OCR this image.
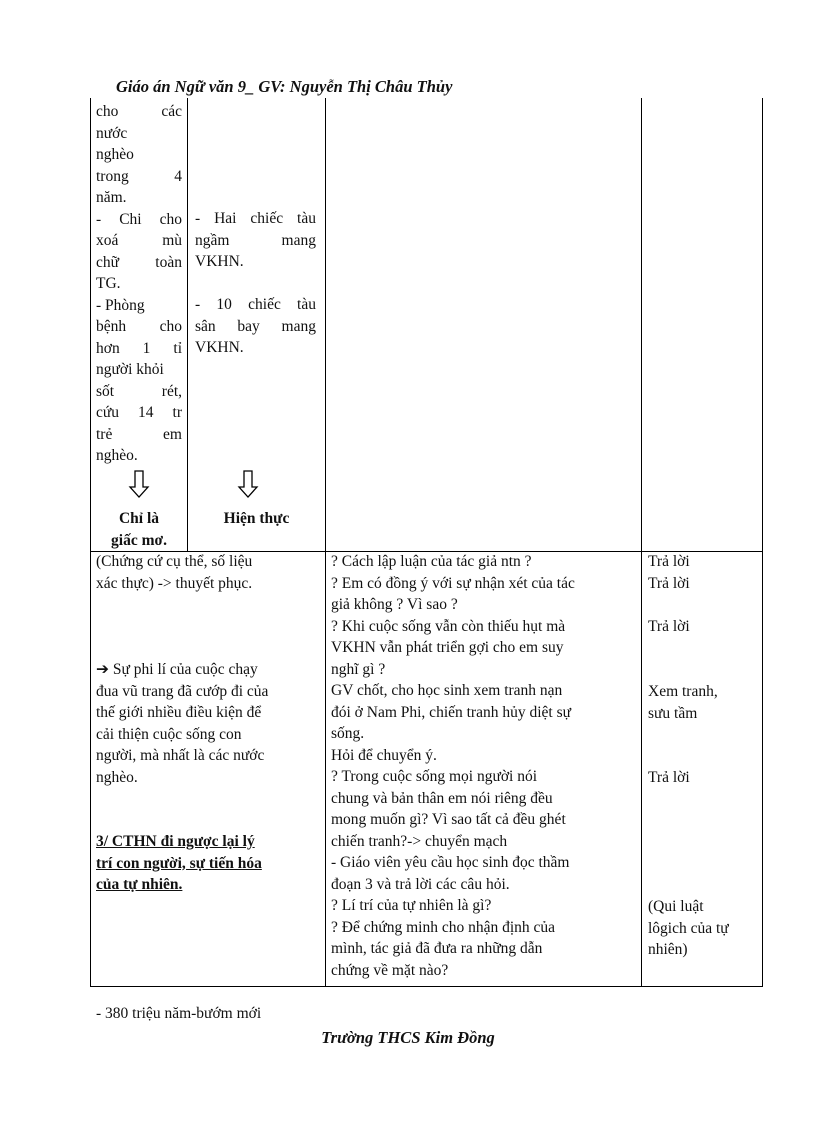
Giáo án Ngữ văn 9_ GV: Nguyễn Thị Châu Thủy
cho các
nước
nghèo
trong 4
năm.
- Chi cho
xoá mù
chữ toàn
TG.
- Phòng
bệnh cho
hơn 1 tỉ
người khỏi
sốt rét,
cứu 14 tr
trẻ em
nghèo.
- Hai chiếc tàu
ngầm mang
VKHN.
- 10 chiếc tàu
sân bay mang
VKHN.
Chỉ là
giấc mơ.
Hiện thực
(Chứng cứ cụ thể, số liệu
xác thực) -> thuyết phục.
➔ Sự phi lí của cuộc chạy
đua vũ trang đã cướp đi của
thế giới nhiều điều kiện để
cải thiện cuộc sống con
người, mà nhất là các nước
nghèo.
3/ CTHN đi ngược lại lý
trí con người, sự tiến hóa
của tự nhiên.

- 380 triệu năm-bướm mới

? Cách lập luận của tác giả ntn ?
? Em có đồng ý với sự nhận xét của tác
giả không ? Vì sao ?
? Khi cuộc sống vẫn còn thiếu hụt mà
VKHN vẫn phát triển gợi cho em suy
nghĩ gì ?
GV chốt, cho học sinh xem tranh nạn
đói ở Nam Phi, chiến tranh hủy diệt sự
sống.
Hỏi để chuyển ý.
? Trong cuộc sống mọi người nói
chung và bản thân em nói riêng đều
mong muốn gì? Vì sao tất cả đều ghét
chiến tranh?-> chuyển mạch
- Giáo viên yêu cầu học sinh đọc thầm
đoạn 3 và trả lời các câu hỏi.
? Lí trí của tự nhiên là gì?
? Để chứng minh cho nhận định của
mình, tác giả đã đưa ra những dẫn
chứng về mặt nào?
Trả lời
Trả lời
Trả lời
Xem tranh,
sưu tầm
Trả lời
(Qui luật
lôgich của tự
nhiên)
Trường THCS Kim Đồng
